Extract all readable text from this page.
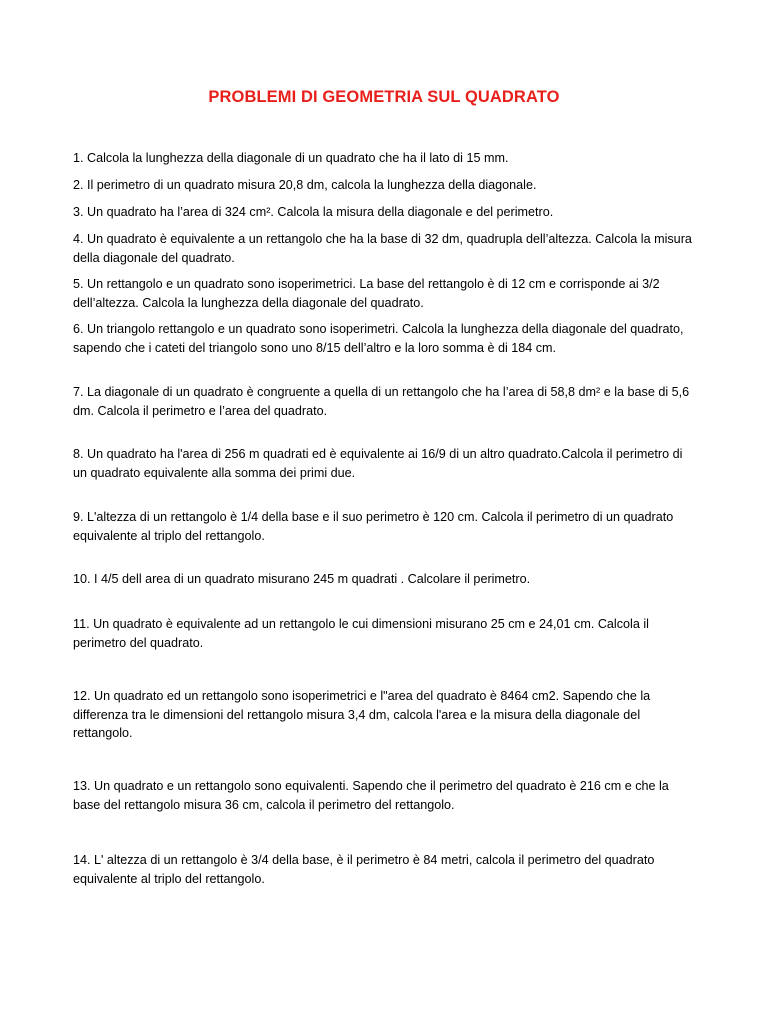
PROBLEMI DI GEOMETRIA SUL QUADRATO

1. Calcola la lunghezza della diagonale di un quadrato che ha il lato di 15 mm.

2. Il perimetro di un quadrato misura 20,8 dm, calcola la lunghezza della diagonale.

3. Un quadrato ha l’area di 324 cm². Calcola la misura della diagonale e del perimetro.

4. Un quadrato è equivalente a un rettangolo che ha la base di 32 dm, quadrupla dell’altezza. Calcola la misura della diagonale del quadrato.

5. Un rettangolo e un quadrato sono isoperimetrici. La base del rettangolo è di 12 cm e corrisponde ai 3/2 dell’altezza. Calcola la lunghezza della diagonale del quadrato.

6. Un triangolo rettangolo e un quadrato sono isoperimetri. Calcola la lunghezza della diagonale del quadrato, sapendo che i cateti del triangolo sono uno 8/15 dell’altro e la loro somma è di 184 cm.

7. La diagonale di un quadrato è congruente a quella di un rettangolo che ha l’area di 58,8 dm² e la base di 5,6 dm. Calcola il perimetro e l’area del quadrato.

8. Un quadrato ha l'area di 256 m quadrati ed è equivalente ai 16/9 di un altro quadrato.Calcola il perimetro di un quadrato equivalente alla somma dei primi due.

9. L'altezza di un rettangolo è 1/4 della base e il suo perimetro è 120 cm. Calcola il perimetro di un quadrato equivalente al triplo del rettangolo.

10. I 4/5 dell area di un quadrato misurano 245 m quadrati . Calcolare il perimetro.

11. Un quadrato è equivalente ad un rettangolo le cui dimensioni misurano 25 cm e 24,01 cm. Calcola il perimetro del quadrato.

12. Un quadrato ed un rettangolo sono isoperimetrici e l"area del quadrato è 8464 cm2. Sapendo che la differenza tra le dimensioni del rettangolo misura 3,4 dm, calcola l'area e la misura della diagonale del rettangolo.

13. Un quadrato e un rettangolo sono equivalenti. Sapendo che il perimetro del quadrato è 216 cm e che la base del rettangolo misura 36 cm, calcola il perimetro del rettangolo.

14. L' altezza di un rettangolo è 3/4 della base, è il perimetro è 84 metri, calcola il perimetro del quadrato equivalente al triplo del rettangolo.
